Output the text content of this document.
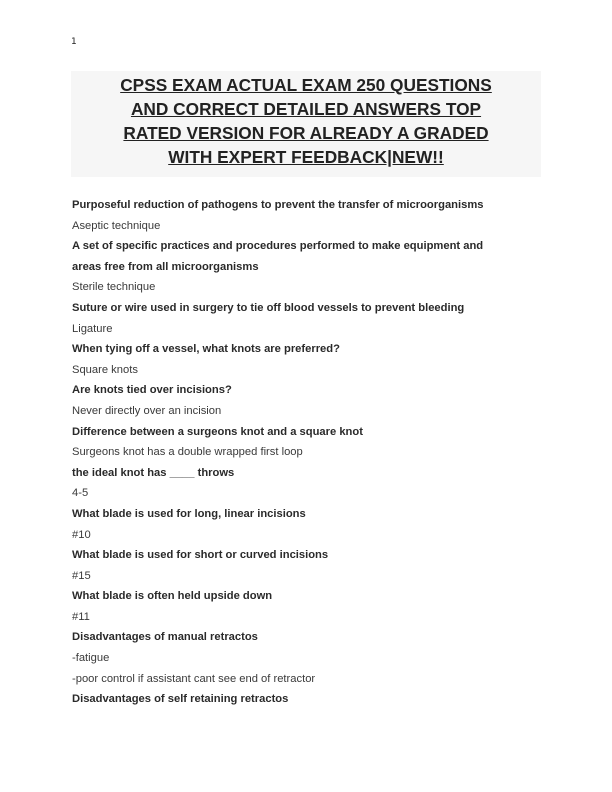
1
CPSS EXAM ACTUAL EXAM 250 QUESTIONS
AND CORRECT DETAILED ANSWERS TOP
RATED VERSION FOR ALREADY A GRADED
WITH EXPERT FEEDBACK|NEW!!
Purposeful reduction of pathogens to prevent the transfer of microorganisms
Aseptic technique
A set of specific practices and procedures performed to make equipment and
areas free from all microorganisms
Sterile technique
Suture or wire used in surgery to tie off blood vessels to prevent bleeding
Ligature
When tying off a vessel, what knots are preferred?
Square knots
Are knots tied over incisions?
Never directly over an incision
Difference between a surgeons knot and a square knot
Surgeons knot has a double wrapped first loop
the ideal knot has ____ throws
4-5
What blade is used for long, linear incisions
#10
What blade is used for short or curved incisions
#15
What blade is often held upside down
#11
Disadvantages of manual retractos
-fatigue
-poor control if assistant cant see end of retractor
Disadvantages of self retaining retractos
